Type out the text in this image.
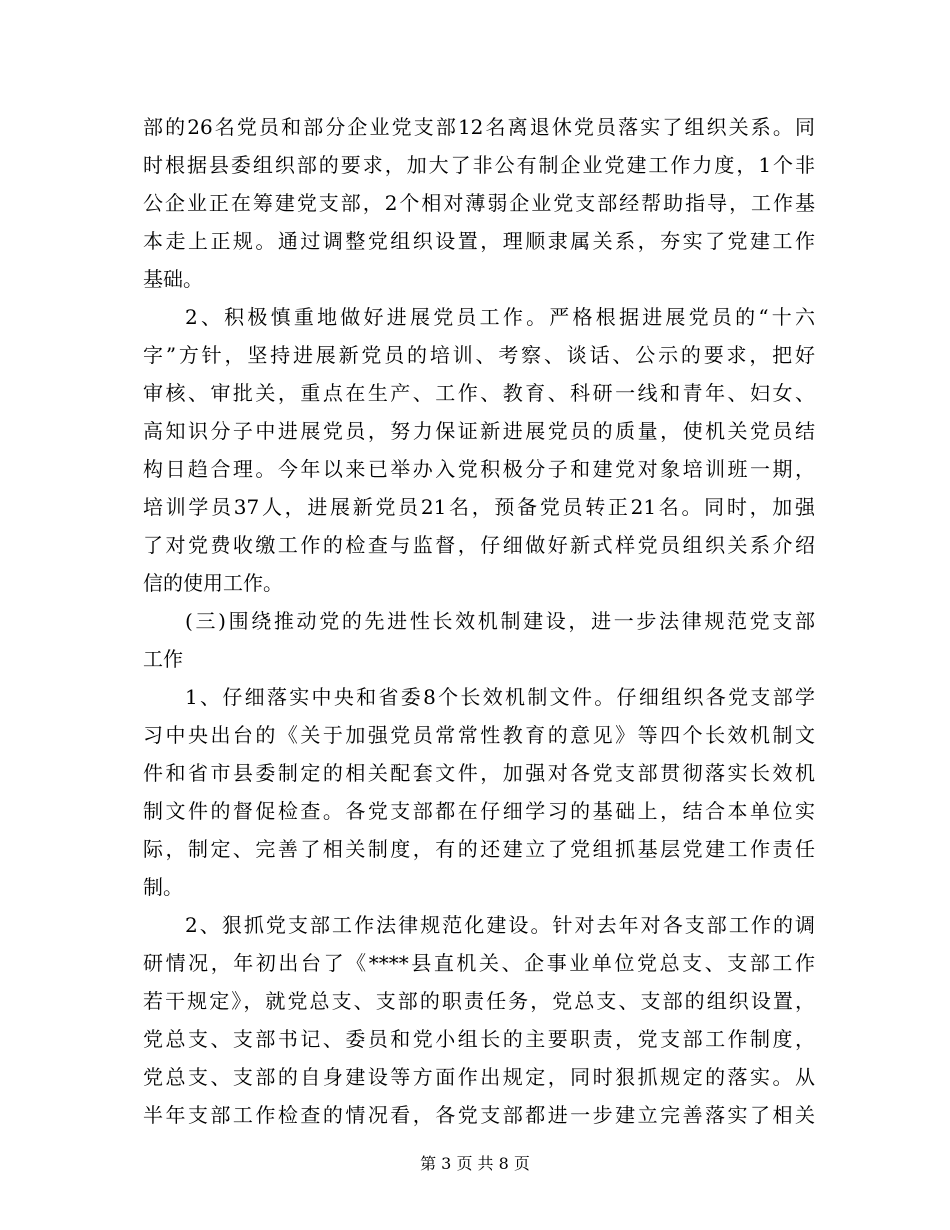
部的26名党员和部分企业党支部12名离退休党员落实了组织关系。同
时根据县委组织部的要求，加大了非公有制企业党建工作力度，1个非
公企业正在筹建党支部，2个相对薄弱企业党支部经帮助指导，工作基
本走上正规。通过调整党组织设置，理顺隶属关系，夯实了党建工作
基础。
2、积极慎重地做好进展党员工作。严格根据进展党员的“十六
字”方针，坚持进展新党员的培训、考察、谈话、公示的要求，把好
审核、审批关，重点在生产、工作、教育、科研一线和青年、妇女、
高知识分子中进展党员，努力保证新进展党员的质量，使机关党员结
构日趋合理。今年以来已举办入党积极分子和建党对象培训班一期，
培训学员37人，进展新党员21名，预备党员转正21名。同时，加强
了对党费收缴工作的检查与监督，仔细做好新式样党员组织关系介绍
信的使用工作。
(三)围绕推动党的先进性长效机制建设，进一步法律规范党支部
工作
1、仔细落实中央和省委8个长效机制文件。仔细组织各党支部学
习中央出台的《关于加强党员常常性教育的意见》等四个长效机制文
件和省市县委制定的相关配套文件，加强对各党支部贯彻落实长效机
制文件的督促检查。各党支部都在仔细学习的基础上，结合本单位实
际，制定、完善了相关制度，有的还建立了党组抓基层党建工作责任
制。
2、狠抓党支部工作法律规范化建设。针对去年对各支部工作的调
研情况，年初出台了《****县直机关、企事业单位党总支、支部工作
若干规定》，就党总支、支部的职责任务，党总支、支部的组织设置，
党总支、支部书记、委员和党小组长的主要职责，党支部工作制度，
党总支、支部的自身建设等方面作出规定，同时狠抓规定的落实。从
半年支部工作检查的情况看，各党支部都进一步建立完善落实了相关
第 3 页 共 8 页
